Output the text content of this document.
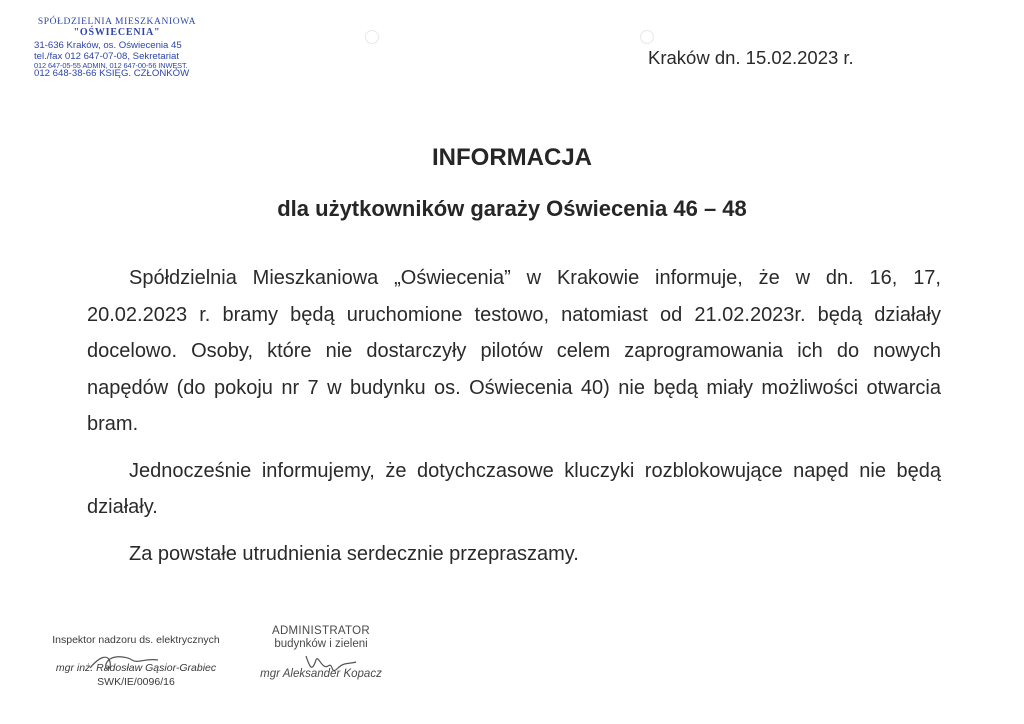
SPÓŁDZIELNIA MIESZKANIOWA
"OŚWIECENIA"
31-636 Kraków, os. Oświecenia 45
tel./fax 012 647-07-08, Sekretariat
012 647-05-55 ADMIN, 012 647-00-56 INWEST.
012 648-38-66 KSIĘG. CZŁONKÓW
Kraków dn. 15.02.2023 r.
INFORMACJA
dla użytkowników garaży Oświecenia 46 – 48

Spółdzielnia Mieszkaniowa „Oświecenia” w Krakowie informuje, że w dn. 16, 17, 20.02.2023 r. bramy będą uruchomione testowo, natomiast od 21.02.2023r. będą działały docelowo. Osoby, które nie dostarczyły pilotów celem zaprogramowania ich do nowych napędów (do pokoju nr 7 w budynku os. Oświecenia 40) nie będą miały możliwości otwarcia bram.

Jednocześnie informujemy, że dotychczasowe kluczyki rozblokowujące napęd nie będą działały.

Za powstałe utrudnienia serdecznie przepraszamy.

Inspektor nadzoru ds. elektrycznych
mgr inż. Radosław Gąsior-Grabiec
SWK/IE/0096/16
ADMINISTRATOR
budynków i zieleni
mgr Aleksander Kopacz
